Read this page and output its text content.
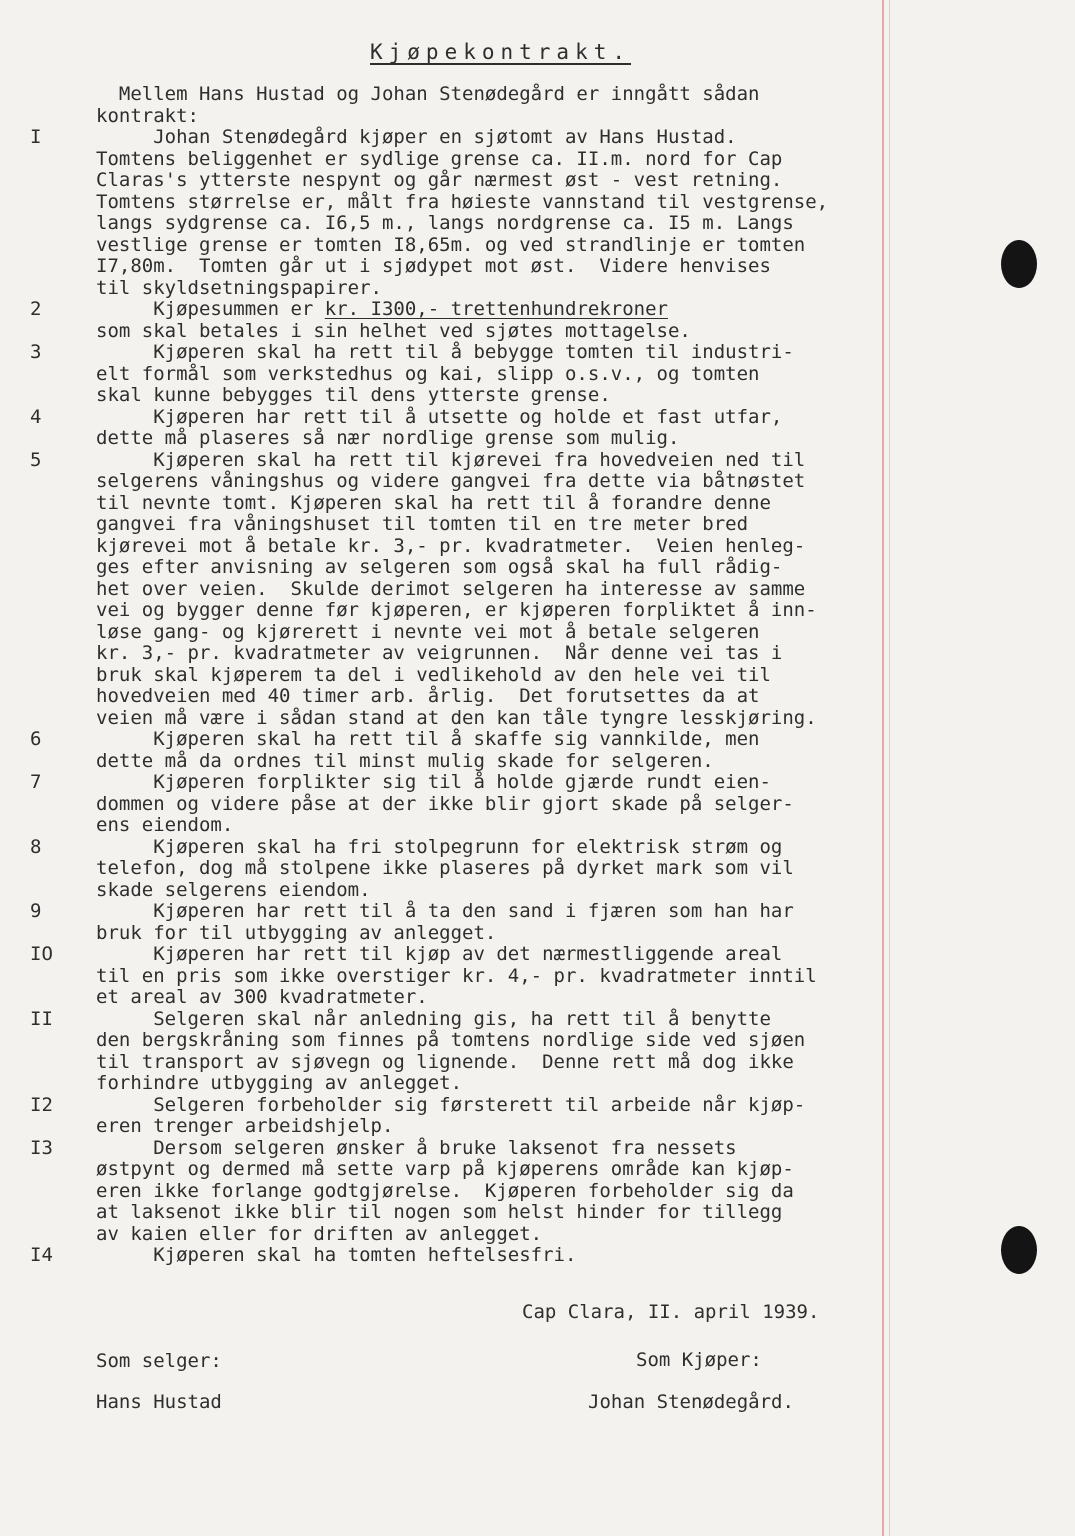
Kjøpekontrakt.
Mellem Hans Hustad og Johan Stenødegård er inngått sådan
kontrakt:
I	Johan Stenødegård kjøper en sjøtomt av Hans Hustad.
Tomtens beliggenhet er sydlige grense ca. II.m. nord for Cap
Claras's ytterste nespynt og går nærmest øst - vest retning.
Tomtens størrelse er, målt fra høieste vannstand til vestgrense,
langs sydgrense ca. I6,5 m., langs nordgrense ca. I5 m. Langs
vestlige grense er tomten I8,65m. og ved strandlinje er tomten
I7,80m.  Tomten går ut i sjødypet mot øst.  Videre henvises
til skyldsetningspapirer.
2	Kjøpesummen er kr. I300,- trettenhundrekroner
som skal betales i sin helhet ved sjøtes mottagelse.
3	Kjøperen skal ha rett til å bebygge tomten til industri-
elt formål som verkstedhus og kai, slipp o.s.v., og tomten
skal kunne bebygges til dens ytterste grense.
4	Kjøperen har rett til å utsette og holde et fast utfar,
dette må plaseres så nær nordlige grense som mulig.
5	Kjøperen skal ha rett til kjørevei fra hovedveien ned til
selgerens våningshus og videre gangvei fra dette via båtnøstet
til nevnte tomt. Kjøperen skal ha rett til å forandre denne
gangvei fra våningshuset til tomten til en tre meter bred
kjørevei mot å betale kr. 3,- pr. kvadratmeter.  Veien henleg-
ges efter anvisning av selgeren som også skal ha full rådig-
het over veien.  Skulde derimot selgeren ha interesse av samme
vei og bygger denne før kjøperen, er kjøperen forpliktet å inn-
løse gang- og kjørerett i nevnte vei mot å betale selgeren
kr. 3,- pr. kvadratmeter av veigrunnen.  Når denne vei tas i
bruk skal kjøperem ta del i vedlikehold av den hele vei til
hovedveien med 40 timer arb. årlig.  Det forutsettes da at
veien må være i sådan stand at den kan tåle tyngre lesskjøring.
6	Kjøperen skal ha rett til å skaffe sig vannkilde, men
dette må da ordnes til minst mulig skade for selgeren.
7	Kjøperen forplikter sig til å holde gjærde rundt eien-
dommen og videre påse at der ikke blir gjort skade på selger-
ens eiendom.
8	Kjøperen skal ha fri stolpegrunn for elektrisk strøm og
telefon, dog må stolpene ikke plaseres på dyrket mark som vil
skade selgerens eiendom.
9	Kjøperen har rett til å ta den sand i fjæren som han har
bruk for til utbygging av anlegget.
IO Kjøperen har rett til kjøp av det nærmestliggende areal
til en pris som ikke overstiger kr. 4,- pr. kvadratmeter inntil
et areal av 300 kvadratmeter.
II Selgeren skal når anledning gis, ha rett til å benytte
den bergskråning som finnes på tomtens nordlige side ved sjøen
til transport av sjøvegn og lignende.  Denne rett må dog ikke
forhindre utbygging av anlegget.
I2 Selgeren forbeholder sig førsterett til arbeide når kjøp-
eren trenger arbeidshjelp.
I3 Dersom selgeren ønsker å bruke laksenot fra nessets
østpynt og dermed må sette varp på kjøperens område kan kjøp-
eren ikke forlange godtgjørelse.  Kjøperen forbeholder sig da
at laksenot ikke blir til nogen som helst hinder for tillegg
av kaien eller for driften av anlegget.
I4 Kjøperen skal ha tomten heftelsesfri.
Cap Clara, II. april 1939.
Som selger:	Som Kjøper:
Hans Hustad	Johan Stenødegård.
